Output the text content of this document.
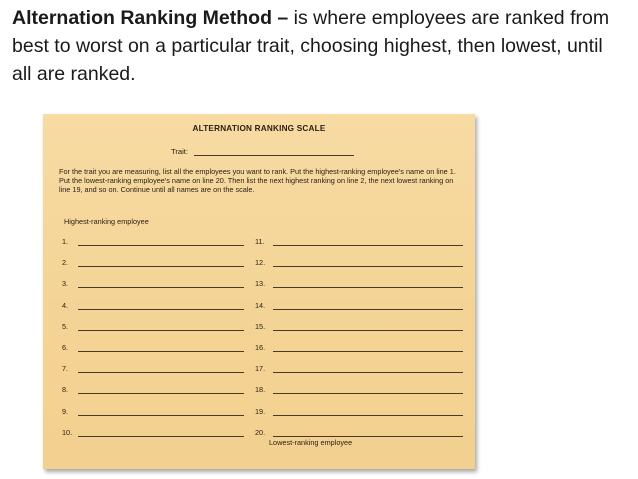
Alternation Ranking Method – is where employees are ranked from best to worst on a particular trait, choosing highest, then lowest, until all are ranked.
ALTERNATION RANKING SCALE
Trait:
For the trait you are measuring, list all the employees you want to rank. Put the highest-ranking employee's name on line 1. Put the lowest-ranking employee's name on line 20. Then list the next highest ranking on line 2, the next lowest ranking on line 19, and so on. Continue until all names are on the scale.
Highest-ranking employee
1.
2.
3.
4.
5.
6.
7.
8.
9.
10.
11.
12.
13.
14.
15.
16.
17.
18.
19.
20.
Lowest-ranking employee
